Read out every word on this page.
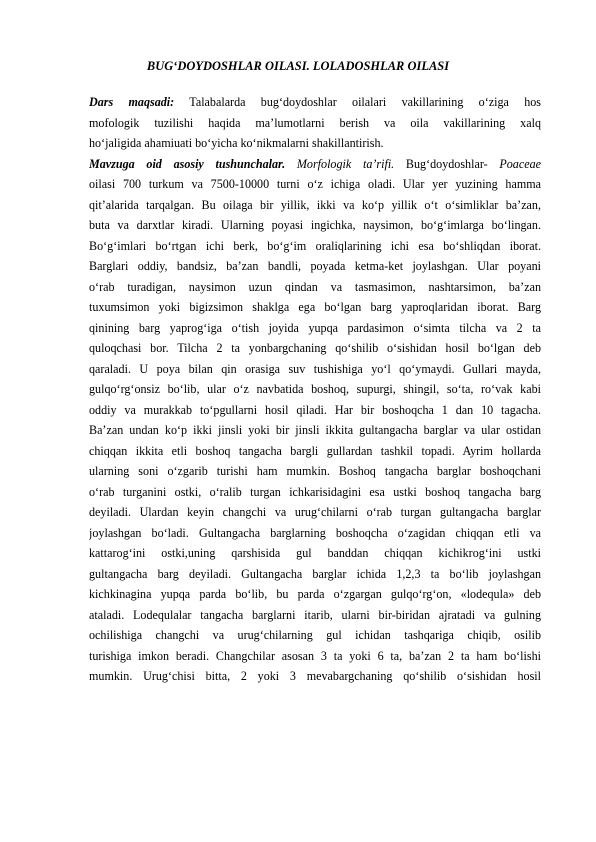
BUG‘DOYDOSHLAR OILASI. LOLADOSHLAR OILASI
Dars maqsadi: Talabalarda bug‘doydoshlar oilalari vakillarining o‘ziga hos
mofologik tuzilishi haqida ma’lumotlarni berish va oila vakillarining xalq
ho‘jaligida ahamiuati bo‘yicha ko‘nikmalarni shakillantirish.
Mavzuga oid asosiy tushunchalar. Morfologik ta’rifi. Bug‘doydoshlar- Poaceae
oilasi 700 turkum va 7500-10000 turni o‘z ichiga oladi. Ular yer yuzining hamma
qit’alarida tarqalgan. Bu oilaga bir yillik, ikki va ko‘p yillik o‘t o‘simliklar ba’zan,
buta va darxtlar kiradi. Ularning poyasi ingichka, naysimon, bo‘g‘imlarga bo‘lingan.
Bo‘g‘imlari bo‘rtgan ichi berk, bo‘g‘im oraliqlarining ichi esa bo‘shliqdan iborat.
Barglari oddiy, bandsiz, ba’zan bandli, poyada ketma-ket joylashgan. Ular poyani
o‘rab turadigan, naysimon uzun qindan va tasmasimon, nashtarsimon, ba’zan
tuxumsimon yoki bigizsimon shaklga ega bo‘lgan barg yaproqlaridan iborat. Barg
qinining barg yaprog‘iga o‘tish joyida yupqa pardasimon o‘simta tilcha va 2 ta
quloqchasi bor. Tilcha 2 ta yonbargchaning qo‘shilib o‘sishidan hosil bo‘lgan deb
qaraladi. U poya bilan qin orasiga suv tushishiga yo‘l qo‘ymaydi. Gullari mayda,
gulqo‘rg‘onsiz bo‘lib, ular o‘z navbatida boshoq, supurgi, shingil, so‘ta, ro‘vak kabi
oddiy va murakkab to‘pgullarni hosil qiladi. Har bir boshoqcha 1 dan 10 tagacha.
Ba’zan undan ko‘p ikki jinsli yoki bir jinsli ikkita gultangacha barglar va ular ostidan
chiqqan ikkita etli boshoq tangacha bargli gullardan tashkil topadi. Ayrim hollarda
ularning soni o‘zgarib turishi ham mumkin. Boshoq tangacha barglar boshoqchani
o‘rab turganini ostki, o‘ralib turgan ichkarisidagini esa ustki boshoq tangacha barg
deyiladi. Ulardan keyin changchi va urug‘chilarni o‘rab turgan gultangacha barglar
joylashgan bo‘ladi. Gultangacha barglarning boshoqcha o‘zagidan chiqqan etli va
kattarog‘ini ostki,uning qarshisida gul banddan chiqqan kichikrog‘ini ustki
gultangacha barg deyiladi. Gultangacha barglar ichida 1,2,3 ta bo‘lib joylashgan
kichkinagina yupqa parda bo‘lib, bu parda o‘zgargan gulqo‘rg‘on, «lodequla» deb
ataladi. Lodequlalar tangacha barglarni itarib, ularni bir-biridan ajratadi va gulning
ochilishiga changchi va urug‘chilarning gul ichidan tashqariga chiqib, osilib
turishiga imkon beradi. Changchilar asosan 3 ta yoki 6 ta, ba’zan 2 ta ham bo‘lishi
mumkin. Urug‘chisi bitta, 2 yoki 3 mevabargchaning qo‘shilib o‘sishidan hosil
